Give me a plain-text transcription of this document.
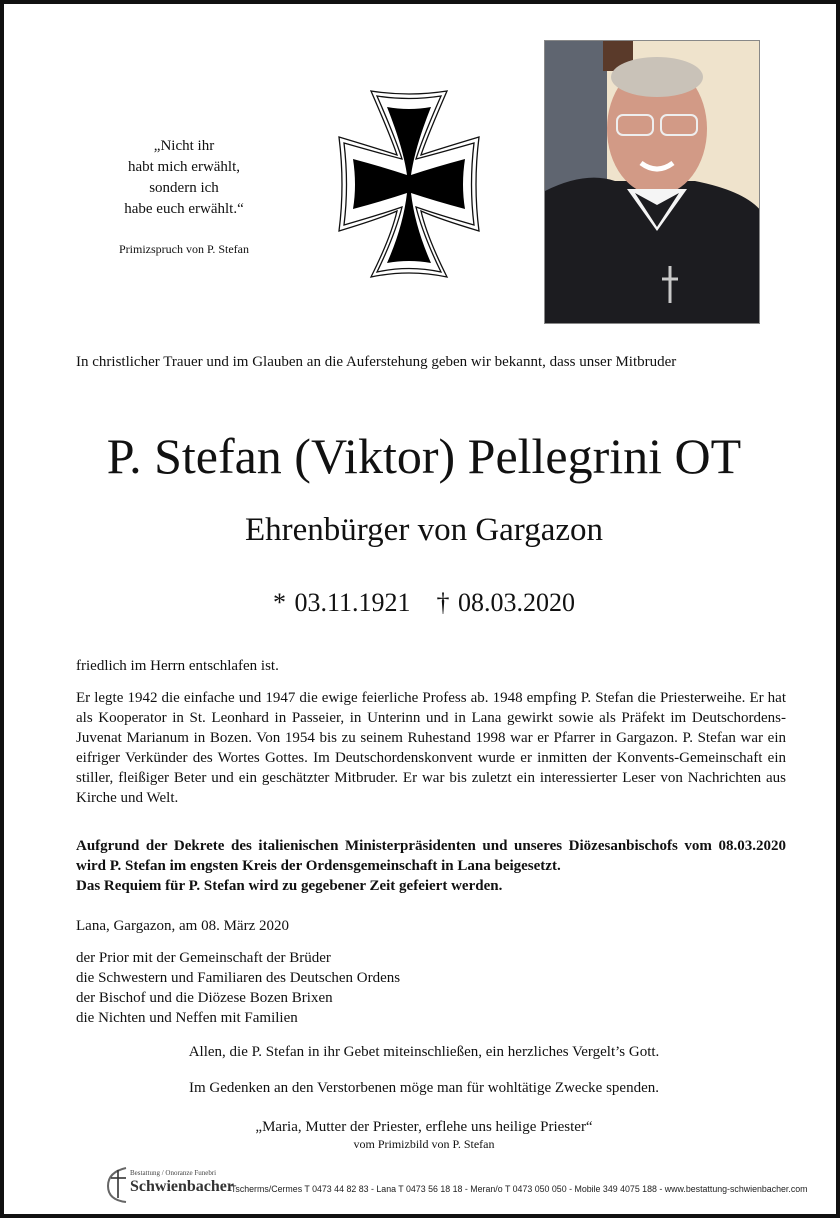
„Nicht ihr
habt mich erwählt,
sondern ich
habe euch erwählt.“
Primizspruch von P. Stefan
In christlicher Trauer und im Glauben an die Auferstehung geben wir bekannt, dass unser Mitbruder
P. Stefan (Viktor) Pellegrini OT
Ehrenbürger von Gargazon
* 03.11.1921 † 08.03.2020
friedlich im Herrn entschlafen ist.
Er legte 1942 die einfache und 1947 die ewige feierliche Profess ab. 1948 empfing P. Stefan die Priesterweihe. Er hat als Kooperator in St. Leonhard in Passeier, in Unterinn und in Lana gewirkt sowie als Präfekt im Deutschordens-Juvenat Marianum in Bozen. Von 1954 bis zu seinem Ruhestand 1998 war er Pfarrer in Gargazon. P. Stefan war ein eifriger Verkünder des Wortes Gottes. Im Deutschordenskonvent wurde er inmitten der Konvents-Gemeinschaft ein stiller, fleißiger Beter und ein geschätzter Mitbruder. Er war bis zuletzt ein interessierter Leser von Nachrichten aus Kirche und Welt.
Aufgrund der Dekrete des italienischen Ministerpräsidenten und unseres Diözesanbischofs vom 08.03.2020 wird P. Stefan im engsten Kreis der Ordensgemeinschaft in Lana beigesetzt.
Das Requiem für P. Stefan wird zu gegebener Zeit gefeiert werden.
Lana, Gargazon, am 08. März 2020
der Prior mit der Gemeinschaft der Brüder
die Schwestern und Familiaren des Deutschen Ordens
der Bischof und die Diözese Bozen Brixen
die Nichten und Neffen mit Familien
Allen, die P. Stefan in ihr Gebet miteinschließen, ein herzliches Vergelt’s Gott.
Im Gedenken an den Verstorbenen möge man für wohltätige Zwecke spenden.
„Maria, Mutter der Priester, erflehe uns heilige Priester“
vom Primizbild von P. Stefan
Bestattung / Onoranze Funebri
Schwienbacher
Tscherms/Cermes T 0473 44 82 83 - Lana T 0473 56 18 18 - Meran/o T 0473 050 050 - Mobile 349 4075 188 - www.bestattung-schwienbacher.com
